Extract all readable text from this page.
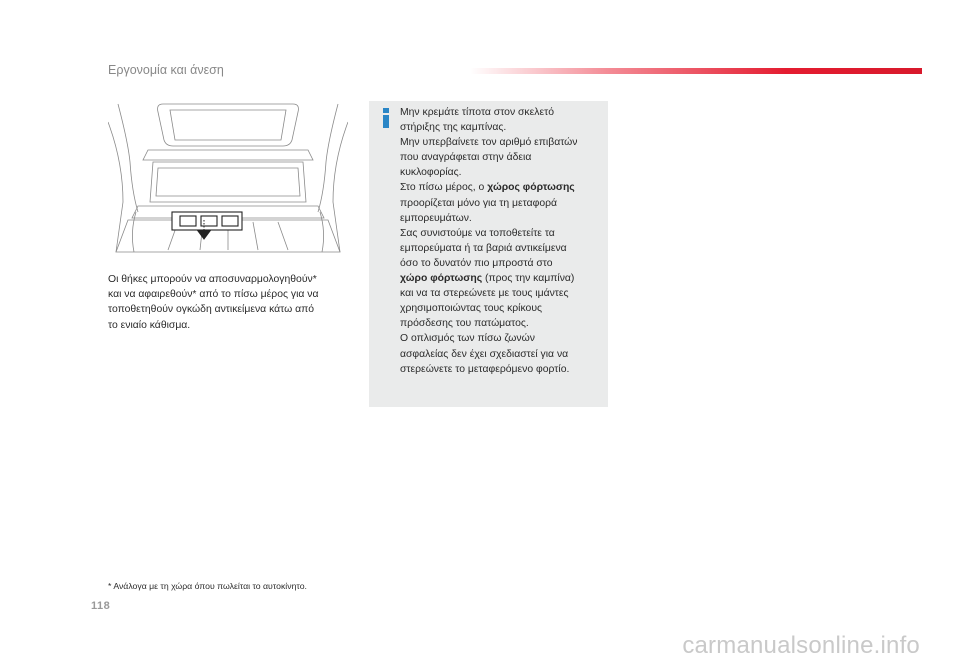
Εργονομία και άνεση
Οι θήκες μπορούν να αποσυναρμολογηθούν*
και να αφαιρεθούν* από το πίσω μέρος για να
τοποθετηθούν ογκώδη αντικείμενα κάτω από
το ενιαίο κάθισμα.
Μην κρεμάτε τίποτα στον σκελετό
στήριξης της καμπίνας.
Μην υπερβαίνετε τον αριθμό επιβατών
που αναγράφεται στην άδεια
κυκλοφορίας.
Στο πίσω μέρος, ο χώρος φόρτωσης
προορίζεται μόνο για τη μεταφορά
εμπορευμάτων.
Σας συνιστούμε να τοποθετείτε τα
εμπορεύματα ή τα βαριά αντικείμενα
όσο το δυνατόν πιο μπροστά στο
χώρο φόρτωσης (προς την καμπίνα)
και να τα στερεώνετε με τους ιμάντες
χρησιμοποιώντας τους κρίκους
πρόσδεσης του πατώματος.
Ο οπλισμός των πίσω ζωνών
ασφαλείας δεν έχει σχεδιαστεί για να
στερεώνετε το μεταφερόμενο φορτίο.
* Ανάλογα με τη χώρα όπου πωλείται το αυτοκίνητο.
118
carmanualsonline.info
